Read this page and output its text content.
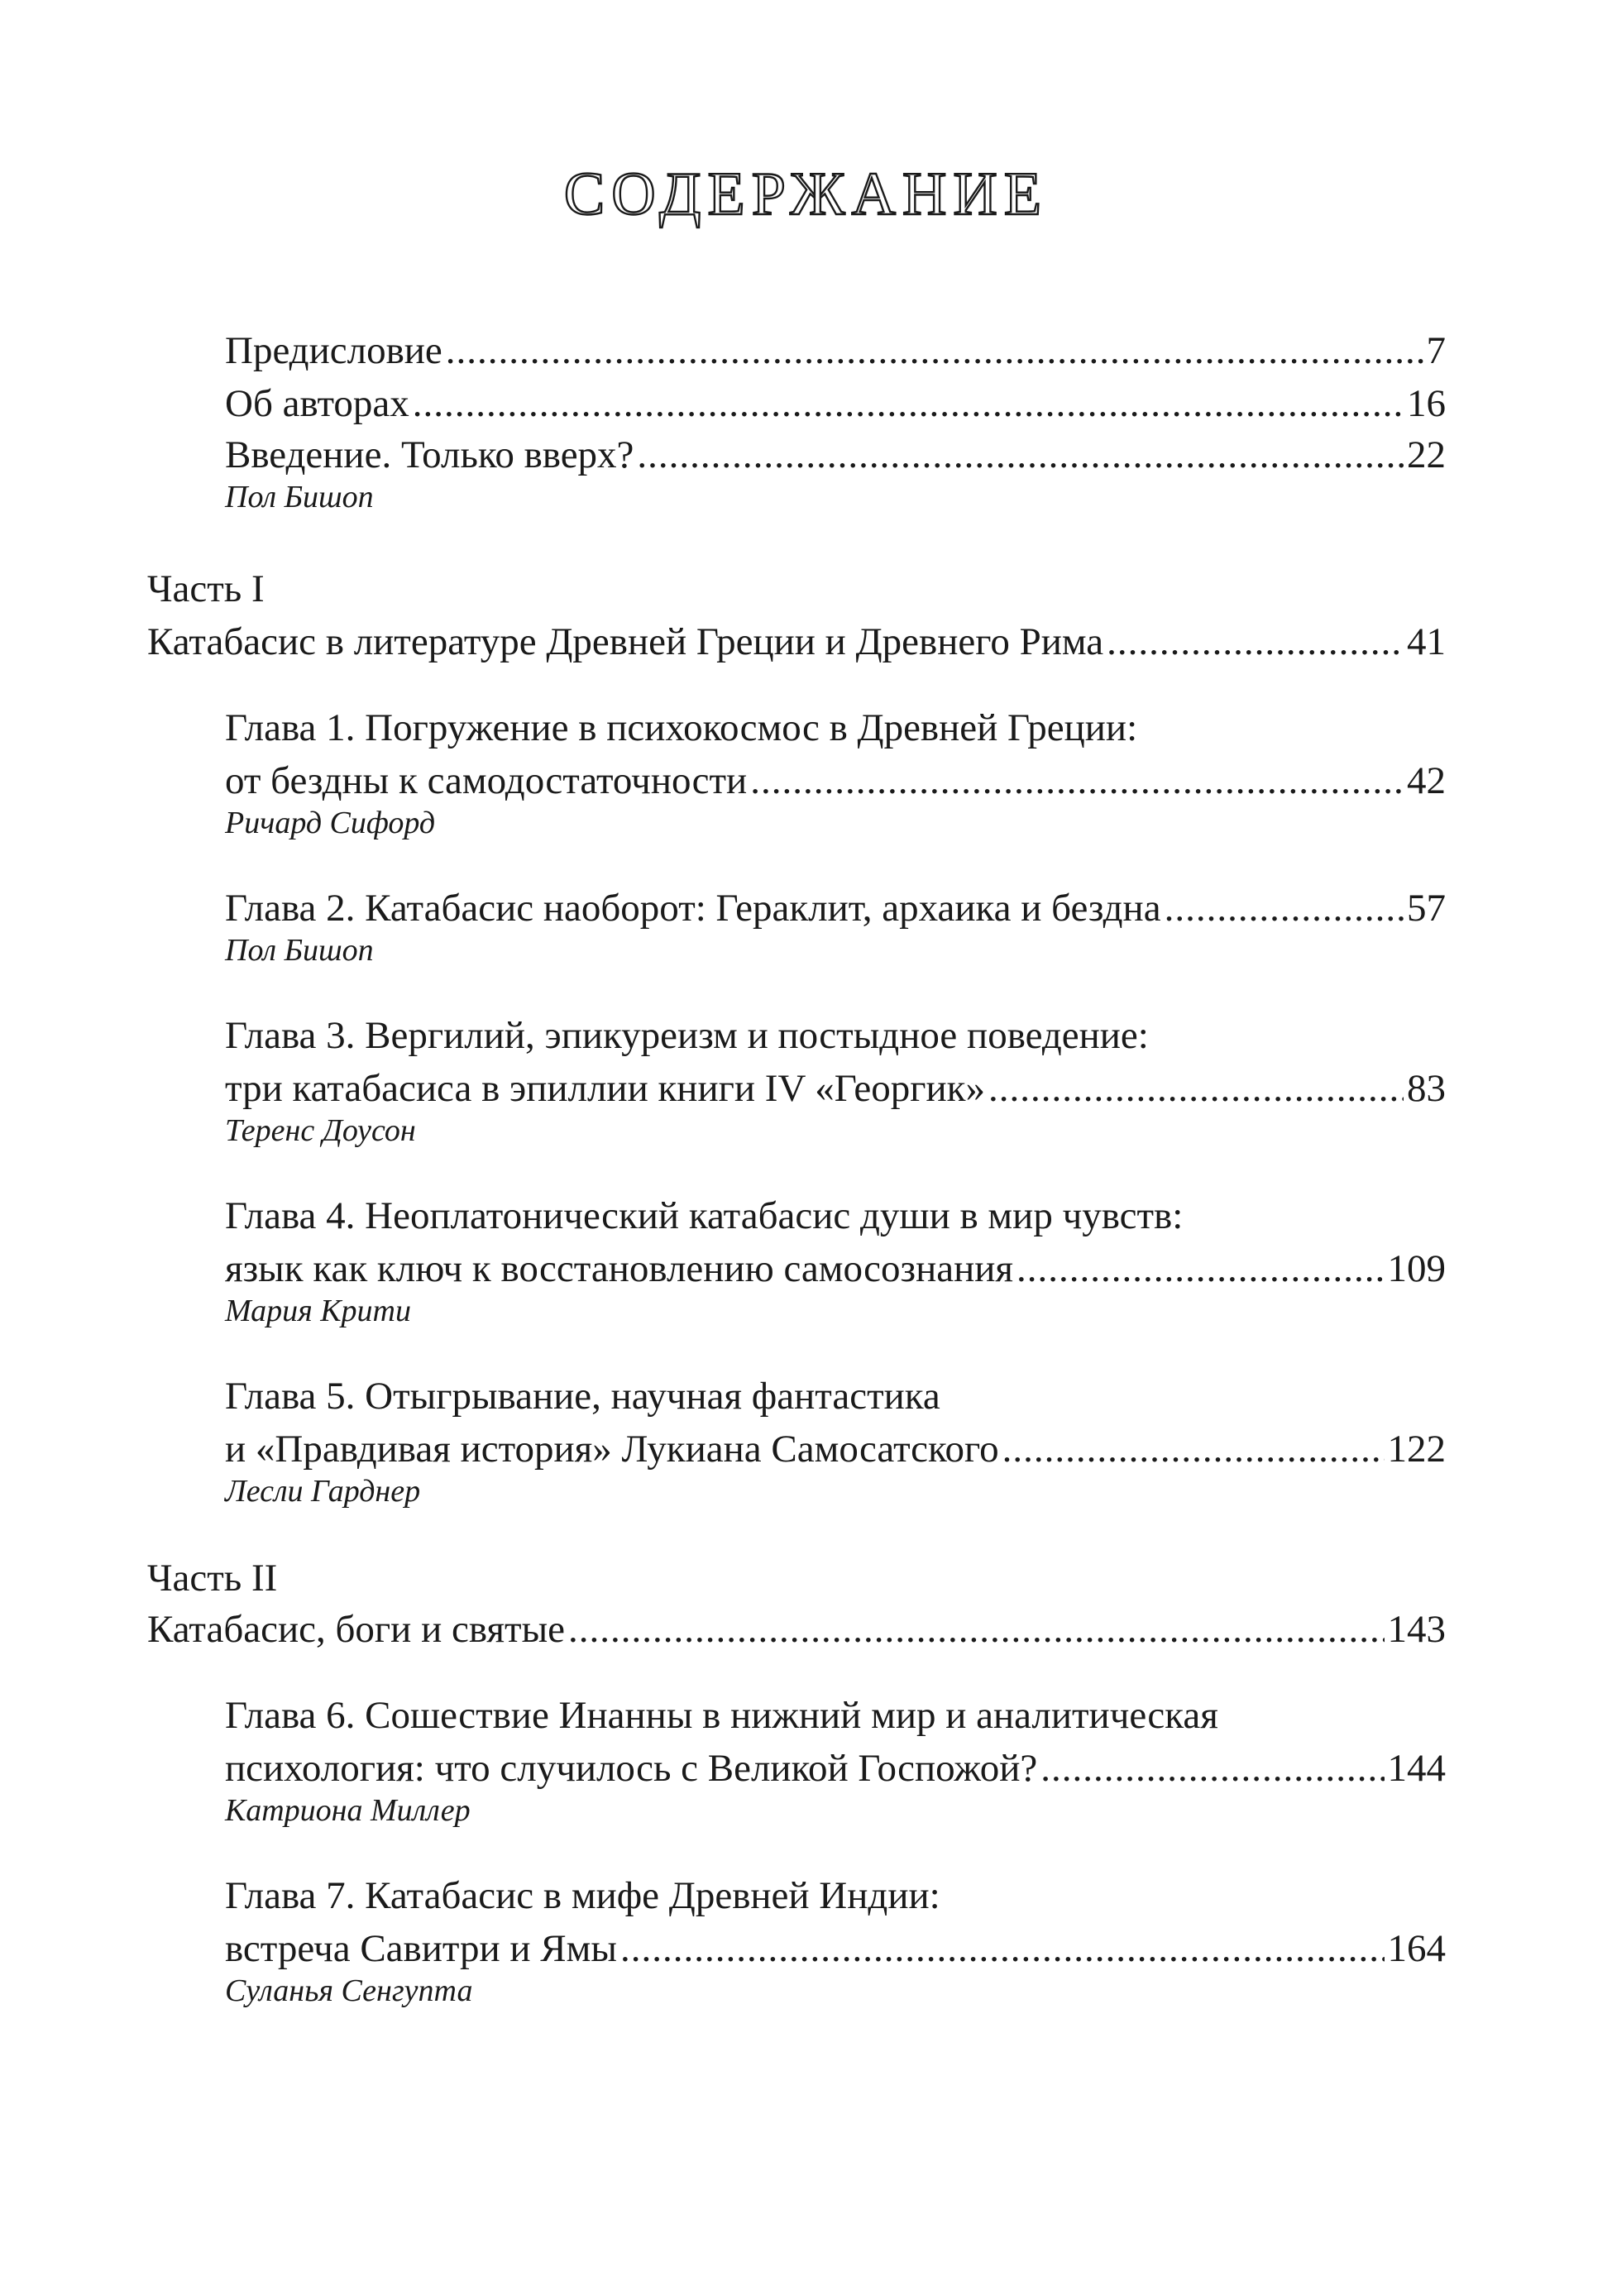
СОДЕРЖАНИЕ
Предисловие .....	7
Об авторах .....	16
Введение. Только вверх? .....	22
Пол Бишоп
Часть I
Катабасис в литературе Древней Греции и Древнего Рима .....	41
Глава 1. Погружение в психокосмос в Древней Греции:
от бездны к самодостаточности .....	42
Ричард Сифорд
Глава 2. Катабасис наоборот: Гераклит, архаика и бездна .....	57
Пол Бишоп
Глава 3. Вергилий, эпикуреизм и постыдное поведение:
три катабасиса в эпиллии книги IV «Георгик» .....	83
Теренс Доусон
Глава 4. Неоплатонический катабасис души в мир чувств:
язык как ключ к восстановлению самосознания .....	109
Мария Крити
Глава 5. Отыгрывание, научная фантастика
и «Правдивая история» Лукиана Самосатского .....	122
Лесли Гарднер
Часть II
Катабасис, боги и святые .....	143
Глава 6. Сошествие Инанны в нижний мир и аналитическая
психология: что случилось с Великой Госпожой? .....	144
Катриона Миллер
Глава 7. Катабасис в мифе Древней Индии:
встреча Савитри и Ямы .....	164
Суланья Сенгупта
